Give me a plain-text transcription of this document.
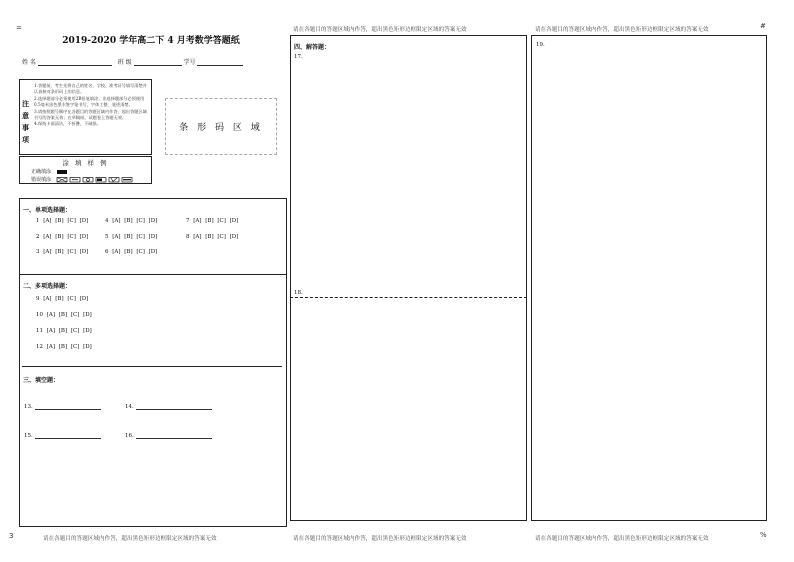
=	#
3	%
请在各题目的答题区域内作答，超出黑色矩形边框限定区域的答案无效	请在各题目的答题区域内作答，超出黑色矩形边框限定区域的答案无效
请在各题目的答题区域内作答，超出黑色矩形边框限定区域的答案无效	请在各题目的答题区域内作答，超出黑色矩形边框限定区域的答案无效	请在各题目的答题区域内作答，超出黑色矩形边框限定区域的答案无效
2019-2020 学年高二下 4 月考数学答题纸
姓 名	班 级	学号
注意事项
1.答题前，考生先将自己的姓名、学校、准考证号填写清楚并认真核对条形码上的信息。
2.选择题部分必须使用2B铅笔填涂；非选择题部分必须使用0.5毫米黑色墨水签字笔书写，字体工整、笔迹清楚。
3.请按照题号顺序在各题目的答题区域内作答，超出答题区域书写的答案无效；在草稿纸、试题卷上答题无效。
4.保持卡面清洁，不折叠，不破损。	条 形 码 区 域
涂 填 样 例
正确填涂
错误填涂
一、单项选择题：
1 [A] [B] [C] [D]	4 [A] [B] [C] [D]	7 [A] [B] [C] [D]
2 [A] [B] [C] [D]	5 [A] [B] [C] [D]	8 [A] [B] [C] [D]
3 [A] [B] [C] [D]	6 [A] [B] [C] [D]
二、多项选择题：
9 [A] [B] [C] [D]
10 [A] [B] [C] [D]
11 [A] [B] [C] [D]
12 [A] [B] [C] [D]
三、填空题：
13.	14.
15.	16.
四、解答题：
17.
18.
19.
